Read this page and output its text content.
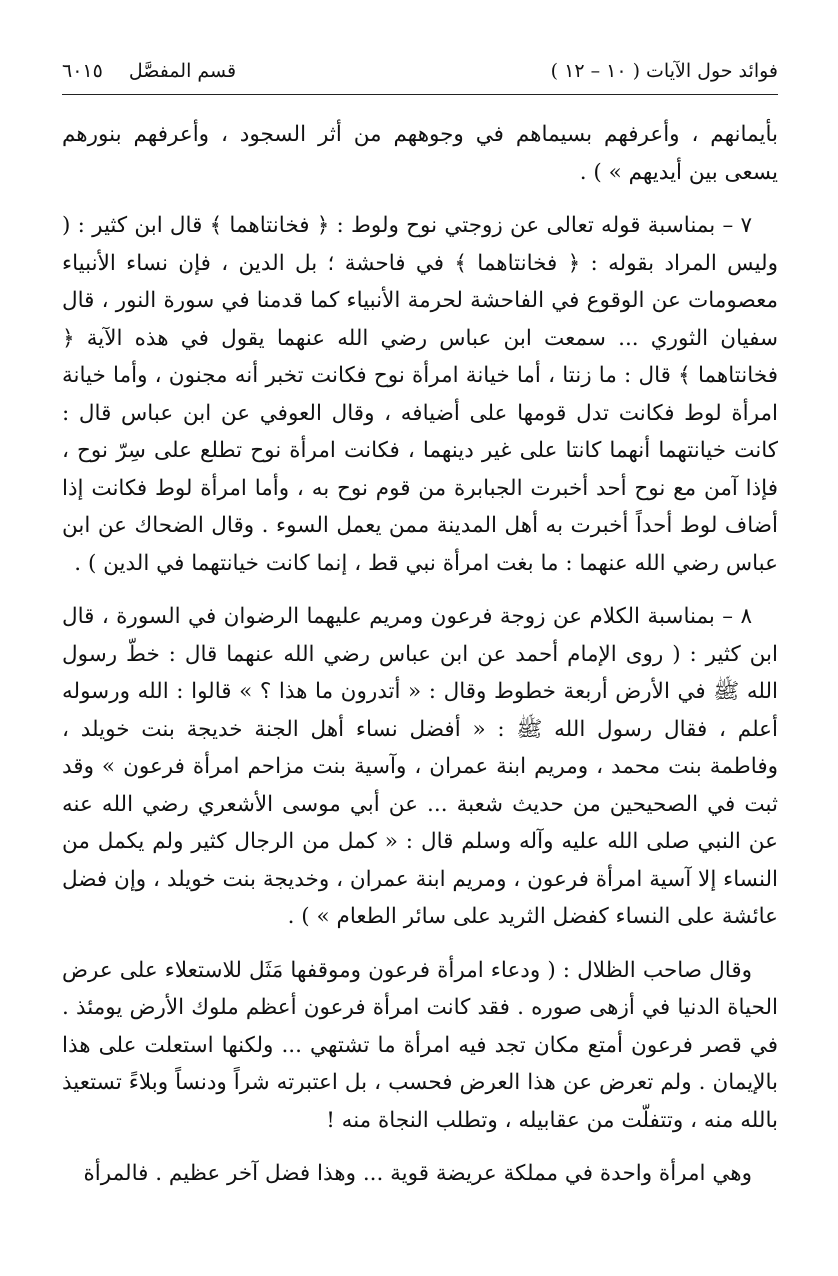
فوائد حول الآيات ( ١٠ – ١٢ )
قسم المفصَّل
٦٠١٥

بأيمانهم ، وأعرفهم بسيماهم في وجوههم من أثر السجود ، وأعرفهم بنورهم يسعى بين أيديهم » ) .

٧ – بمناسبة قوله تعالى عن زوجتي نوح ولوط : ﴿ فخانتاهما ﴾ قال ابن كثير : ( وليس المراد بقوله : ﴿ فخانتاهما ﴾ في فاحشة ؛ بل الدين ، فإن نساء الأنبياء معصومات عن الوقوع في الفاحشة لحرمة الأنبياء كما قدمنا في سورة النور ، قال سفيان الثوري ... سمعت ابن عباس رضي الله عنهما يقول في هذه الآية ﴿ فخانتاهما ﴾ قال : ما زنتا ، أما خيانة امرأة نوح فكانت تخبر أنه مجنون ، وأما خيانة امرأة لوط فكانت تدل قومها على أضيافه ، وقال العوفي عن ابن عباس قال : كانت خيانتهما أنهما كانتا على غير دينهما ، فكانت امرأة نوح تطلع على سِرّ نوح ، فإذا آمن مع نوح أحد أخبرت الجبابرة من قوم نوح به ، وأما امرأة لوط فكانت إذا أضاف لوط أحداً أخبرت به أهل المدينة ممن يعمل السوء . وقال الضحاك عن ابن عباس رضي الله عنهما : ما بغت امرأة نبي قط ، إنما كانت خيانتهما في الدين ) .

٨ – بمناسبة الكلام عن زوجة فرعون ومريم عليهما الرضوان في السورة ، قال ابن كثير : ( روى الإمام أحمد عن ابن عباس رضي الله عنهما قال : خطّ رسول الله ﷺ في الأرض أربعة خطوط وقال : « أتدرون ما هذا ؟ » قالوا : الله ورسوله أعلم ، فقال رسول الله ﷺ : « أفضل نساء أهل الجنة خديجة بنت خويلد ، وفاطمة بنت محمد ، ومريم ابنة عمران ، وآسية بنت مزاحم امرأة فرعون » وقد ثبت في الصحيحين من حديث شعبة ... عن أبي موسى الأشعري رضي الله عنه عن النبي صلى الله عليه وآله وسلم قال : « كمل من الرجال كثير ولم يكمل من النساء إلا آسية امرأة فرعون ، ومريم ابنة عمران ، وخديجة بنت خويلد ، وإن فضل عائشة على النساء كفضل الثريد على سائر الطعام » ) .

وقال صاحب الظلال : ( ودعاء امرأة فرعون وموقفها مَثَل للاستعلاء على عرض الحياة الدنيا في أزهى صوره . فقد كانت امرأة فرعون أعظم ملوك الأرض يومئذ . في قصر فرعون أمتع مكان تجد فيه امرأة ما تشتهي ... ولكنها استعلت على هذا بالإيمان . ولم تعرض عن هذا العرض فحسب ، بل اعتبرته شراً ودنساً وبلاءً تستعيذ بالله منه ، وتتفلّت من عقابيله ، وتطلب النجاة منه !

وهي امرأة واحدة في مملكة عريضة قوية ... وهذا فضل آخر عظيم . فالمرأة
